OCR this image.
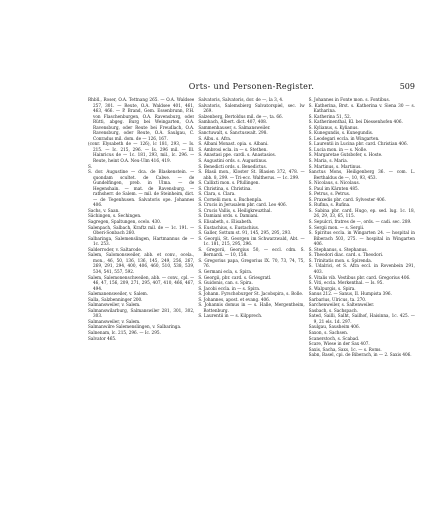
Orts- und Personen-Register.	509

Rhbll., Roser, O.A. Tettnang 265. — O.A. Waldsee 257, 301. — Reute, O.A. Waldsee 401, 461, 463, 466. — P. Brand, Gem. Essenbrunn, P.H. von Flaschenburgen, O.A. Ravensburg, oder Rütti, abgeg. Burg bei Weingarten, O.A. Ravensburg, oder Reute bei Freudlach, O.A. Ravensburg, oder Reute, O.A. Saulgau, C. Conradus mil. dom. de — 126, 167.

(conr. Elysabeth de — 126), lc 181, 293, — Is. 215. — Ic. 215, 296. — Is. 296 mil. — Ill. Hainricus de — 1c. 181, 293, mil., lc. 296. — Reute, heint O.A. Neu-Ulm 416, 419.

S.

S. dor. Augustine — dca. de Blaskenstein. — quondam scultet. de Calwe. — de Gundelfingen, preb. in Ulma. — de Hegenshain. — mat. de Ravensburg. — rathsherr. de Salem. — mil. de Steinheim, dict. — de Tegenhusen. Salvatoris ope. Johannes 406.

Sachs, v. Saan.

Sächingen, s. Sechingen.

Sagregen, Spaltungen, ocelo. 430.

Salenpach, Salbach, Kraftz mil. de — 1c. 191. — Oberi-Sonbach 260.

Salbaringa, Salemenslingen, Hartmannus de — 1c. 253.

Salderroder, v. Saltarode.

Salem, Salomonsweiler, abb. et conv., ocela., mon., 46, 50, 136, 136, 145, 249, 256, 267, 269, 291, 294, 400, 406, 460, 510, 538, 539, 534, 541, 557, 592.

Salem, Salemonenschweilen, abb. — conv., cpl. — 46, 47, 156, 209, 271, 295, 407, 410, 466, 467, 494.

Salemanensweiler, v. Salem.

Salla, Salzbenninger 200.

Salmansweiler, v. Salem.

Salmanswilarburg, Salmanswiler 281, 301, 302, 303.

Salmansweiler, v. Salem.

Salmanwilre Salemenslingen, v. Salbaringa.

Salnenam, lc. 215, 296. — Ic. 295.

Salvator 465.

Salvatoris, Salvatoris, dor. de —, la 3, 4.

Salvatoris, Salemsbierg Salvatorspiel, sec. lw 269.

Salzenberg, Bertoldus mil. de —, ta. 66.

Sambach, Albert. dict. 407, 408.

Sammenhauser, s. Salmansweiler.

Sanctuwalt, s. Sanctuswalt. 298.

S. Albu. s. Afra.

S. Albani Monast. opia. s. Albani.

S. Ambrosi ecla. in — s. Stethen.

S. Anastasi ppe. cardi. s. Anastasios.

S. Augustini ords. s. Augustinus.

S. Benedicti ords. s. Benedictus.

S. Blasii mon., Kloster St. Blasien 372, 478. — abb. 8, 299. — Tri-ecc. Waltherus. — 1c. 299.

S. Callixti mon. s. Pfullingen.

S. Christina, s. Christina.

S. Clara, s. Clara.

S. Cornelii mon. s. Buchenpla.

S. Crucis in Jerusalem pbr. card. Leo 406.

S. Crucis Vallis, s. Heiligkreuzthal.

S. Damiani ords. s. Damiani.

S. Elisabeth, s. Elisabeth.

S. Eustachius, s. Eustachius.

S. Galler, Sottum st. 91, 145, 295, 295, 293.

S. Georgii, St. Georgen im Schwarzwald, Abt. — 1c. 181, 215, 295, 296.

S. Gregorii, Georgius 50, — eccl. cdm. S. Bernardi. — 10, 158.

S. Gregorius papa, Gregorius IX. 70, 73, 74, 75, 76.

S. Germani ecla, s. Spira.

S. Georgii, pbr. card. s. Griesgratl.

S. Guidonis, can. s. Spira.

S. Jacobi eccla. in — s. Spira.

S. Johann. Fyrschoburger St. Jacobspira, s. Bolle.

S. Johannes, apost. et evang. 406.

S. Johannis domus in — s. Halle, Mergentheim, Rottenburg.

S. Laurentii in — s. Kilpprech.

S. Johannes in Fonte mon. s. Fontibus.

S. Katherina, Brst. s. Katherina v. Siena 30 — s. Katharina.

S. Katherina 51, 52.

S. Katherinenthal, Kl. bei Diessenhofen 406.

S. Kylianus, s. Kylianus.

S. Kunegundis, s. Kunegundis.

S. Leodegari eccla. in Wingarten.

S. Laurentii in Lucina pbr. card. Christian 406.

S. Lucia mon. in — s. Nolle.

S. Margaretae Gutsbofer, s. Hoste.

S. Maria, s. Maria.

S. Martinus, s. Martinus.

Sanctus Mons, Heiligenberg 36. — com. L. Berthaldus de —, 10, 93, 453.

S. Nicolaus, s. Nicolaus.

S. Paul im Kärnten 485.

S. Petrus, s. Petrus.

S. Praxedis pbr. card. Sylvester 406.

S. Rufina, s. Rufina.

S. Sabina pbr. card. Hugo, ep. sed. lug. 1c. 18, 26, 29, 33, 65, 115.

S. Sepulcri, fratres de —, ords. — cadi. sec. 289.

S. Sergii mon. — s. Sergii.

S. Spiritus eccla. in Wingarten 24. — hospital in Biberach 503, 275. — hospital in Wingarten 406.

S. Stephanus, s. Stephanus.

S. Theodori diac. card. s. Theodori.

S. Trinitatis mon. s. Spirenda.

S. Udalrici, et S. Afra eccl. in Rovenbein 291, 403.

S. Vitalis vib. Vestibus pbr. card. Gregorius 406.

S. Viti, eccla. Merkenthal. — Is. 95.

S. Walpurgis, s. Spira.

Sanus 212. — Sanus, II. Humpista 396.

Sarbarius, Ulricus, ta. 270.

Sarchenweiler, s. Saltenweiler.

Sasbach, s. Sachspach.

Sated, Sailli, Salht, Sailhof, Haisinna, 1c. 425. — 9, 21 els. 1d. 297.

Saulgau, Sausheim 406.

Saxon, s. Sachsen.

Scanerstoch, s. Scabad.

Scare, Wiese in der Sax 407.

Saxis, Sacha, Saxs, 1c. — s. Roms.

Sabn, Basel, cpi. de Biberach, in — 2. Saxis 406.
